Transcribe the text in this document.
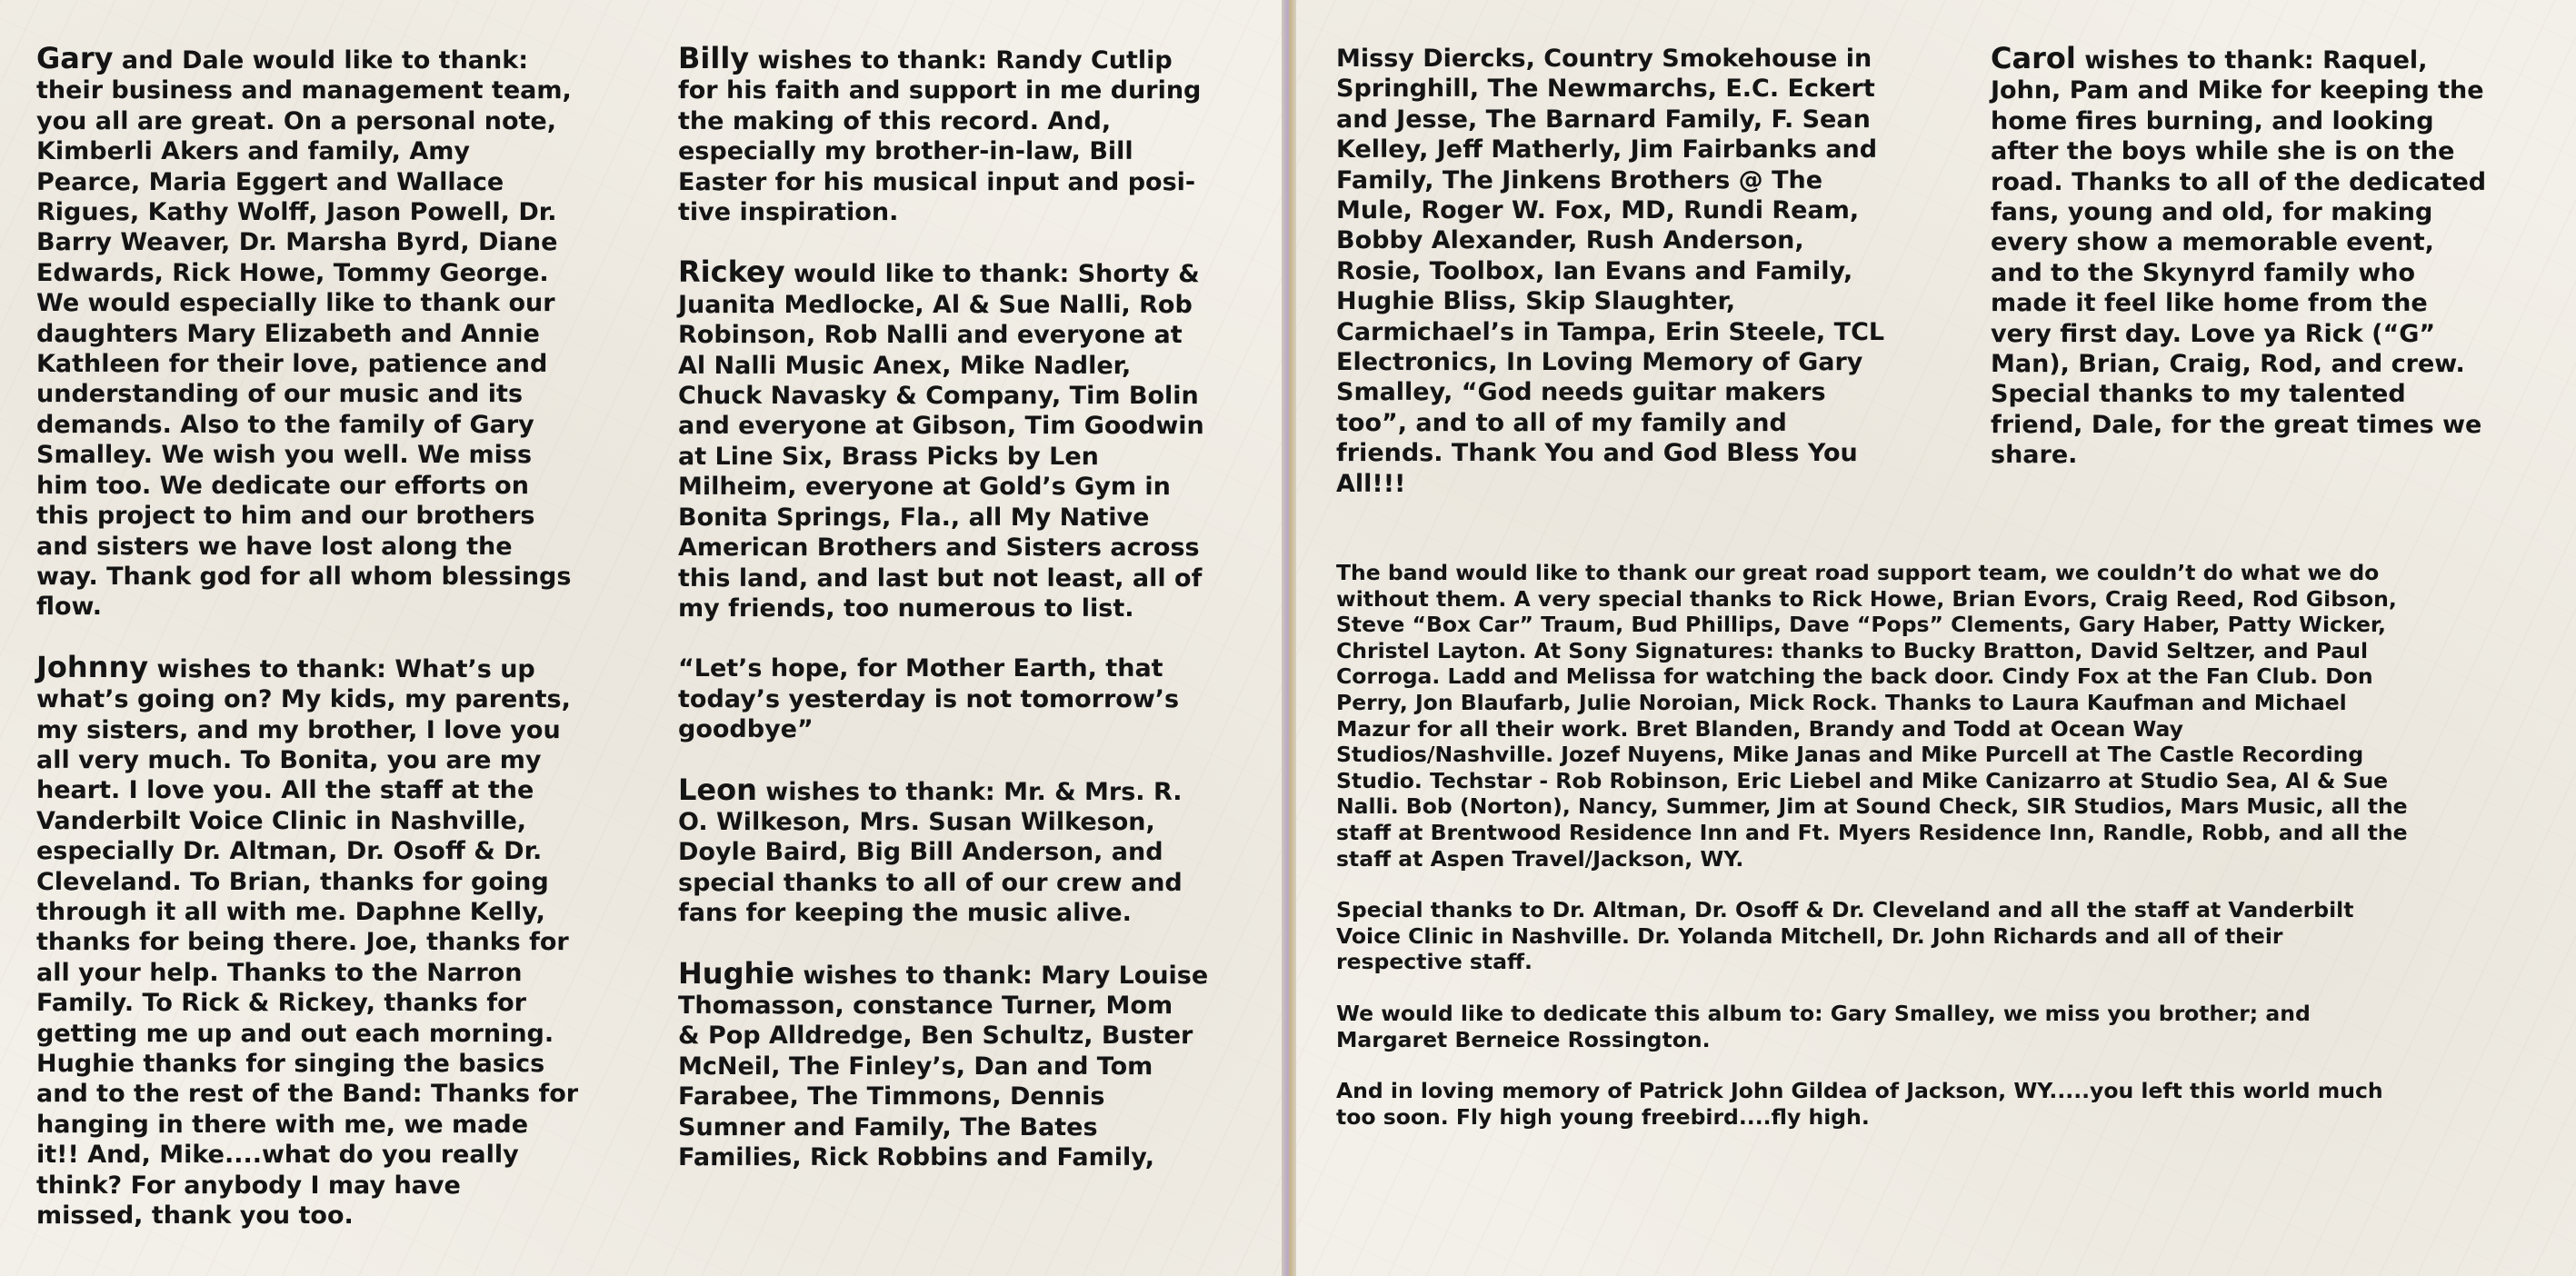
Gary and Dale would like to thank:
their business and management team,
you all are great. On a personal note,
Kimberli Akers and family, Amy
Pearce, Maria Eggert and Wallace
Rigues, Kathy Wolff, Jason Powell, Dr.
Barry Weaver, Dr. Marsha Byrd, Diane
Edwards, Rick Howe, Tommy George.
We would especially like to thank our
daughters Mary Elizabeth and Annie
Kathleen for their love, patience and
understanding of our music and its
demands. Also to the family of Gary
Smalley. We wish you well. We miss
him too. We dedicate our efforts on
this project to him and our brothers
and sisters we have lost along the
way. Thank god for all whom blessings
flow.

Johnny wishes to thank: What’s up
what’s going on? My kids, my parents,
my sisters, and my brother, I love you
all very much. To Bonita, you are my
heart. I love you. All the staff at the
Vanderbilt Voice Clinic in Nashville,
especially Dr. Altman, Dr. Osoff & Dr.
Cleveland. To Brian, thanks for going
through it all with me. Daphne Kelly,
thanks for being there. Joe, thanks for
all your help. Thanks to the Narron
Family. To Rick & Rickey, thanks for
getting me up and out each morning.
Hughie thanks for singing the basics
and to the rest of the Band: Thanks for
hanging in there with me, we made
it!! And, Mike....what do you really
think? For anybody I may have
missed, thank you too.

Billy wishes to thank: Randy Cutlip
for his faith and support in me during
the making of this record. And,
especially my brother-in-law, Bill
Easter for his musical input and posi-
tive inspiration.

Rickey would like to thank: Shorty &
Juanita Medlocke, Al & Sue Nalli, Rob
Robinson, Rob Nalli and everyone at
Al Nalli Music Anex, Mike Nadler,
Chuck Navasky & Company, Tim Bolin
and everyone at Gibson, Tim Goodwin
at Line Six, Brass Picks by Len
Milheim, everyone at Gold’s Gym in
Bonita Springs, Fla., all My Native
American Brothers and Sisters across
this land, and last but not least, all of
my friends, too numerous to list.

“Let’s hope, for Mother Earth, that
today’s yesterday is not tomorrow’s
goodbye”

Leon wishes to thank: Mr. & Mrs. R.
O. Wilkeson, Mrs. Susan Wilkeson,
Doyle Baird, Big Bill Anderson, and
special thanks to all of our crew and
fans for keeping the music alive.

Hughie wishes to thank: Mary Louise
Thomasson, constance Turner, Mom
& Pop Alldredge, Ben Schultz, Buster
McNeil, The Finley’s, Dan and Tom
Farabee, The Timmons, Dennis
Sumner and Family, The Bates
Families, Rick Robbins and Family,

Missy Diercks, Country Smokehouse in
Springhill, The Newmarchs, E.C. Eckert
and Jesse, The Barnard Family, F. Sean
Kelley, Jeff Matherly, Jim Fairbanks and
Family, The Jinkens Brothers @ The
Mule, Roger W. Fox, MD, Rundi Ream,
Bobby Alexander, Rush Anderson,
Rosie, Toolbox, Ian Evans and Family,
Hughie Bliss, Skip Slaughter,
Carmichael’s in Tampa, Erin Steele, TCL
Electronics, In Loving Memory of Gary
Smalley, “God needs guitar makers
too”, and to all of my family and
friends. Thank You and God Bless You
All!!!

Carol wishes to thank: Raquel,
John, Pam and Mike for keeping the
home fires burning, and looking
after the boys while she is on the
road. Thanks to all of the dedicated
fans, young and old, for making
every show a memorable event,
and to the Skynyrd family who
made it feel like home from the
very first day. Love ya Rick (“G”
Man), Brian, Craig, Rod, and crew.
Special thanks to my talented
friend, Dale, for the great times we
share.

The band would like to thank our great road support team, we couldn’t do what we do
without them. A very special thanks to Rick Howe, Brian Evors, Craig Reed, Rod Gibson,
Steve “Box Car” Traum, Bud Phillips, Dave “Pops” Clements, Gary Haber, Patty Wicker,
Christel Layton. At Sony Signatures: thanks to Bucky Bratton, David Seltzer, and Paul
Corroga. Ladd and Melissa for watching the back door. Cindy Fox at the Fan Club. Don
Perry, Jon Blaufarb, Julie Noroian, Mick Rock. Thanks to Laura Kaufman and Michael
Mazur for all their work. Bret Blanden, Brandy and Todd at Ocean Way
Studios/Nashville. Jozef Nuyens, Mike Janas and Mike Purcell at The Castle Recording
Studio. Techstar - Rob Robinson, Eric Liebel and Mike Canizarro at Studio Sea, Al & Sue
Nalli. Bob (Norton), Nancy, Summer, Jim at Sound Check, SIR Studios, Mars Music, all the
staff at Brentwood Residence Inn and Ft. Myers Residence Inn, Randle, Robb, and all the
staff at Aspen Travel/Jackson, WY.

Special thanks to Dr. Altman, Dr. Osoff & Dr. Cleveland and all the staff at Vanderbilt
Voice Clinic in Nashville. Dr. Yolanda Mitchell, Dr. John Richards and all of their
respective staff.

We would like to dedicate this album to: Gary Smalley, we miss you brother; and
Margaret Berneice Rossington.

And in loving memory of Patrick John Gildea of Jackson, WY.....you left this world much
too soon. Fly high young freebird....fly high.
